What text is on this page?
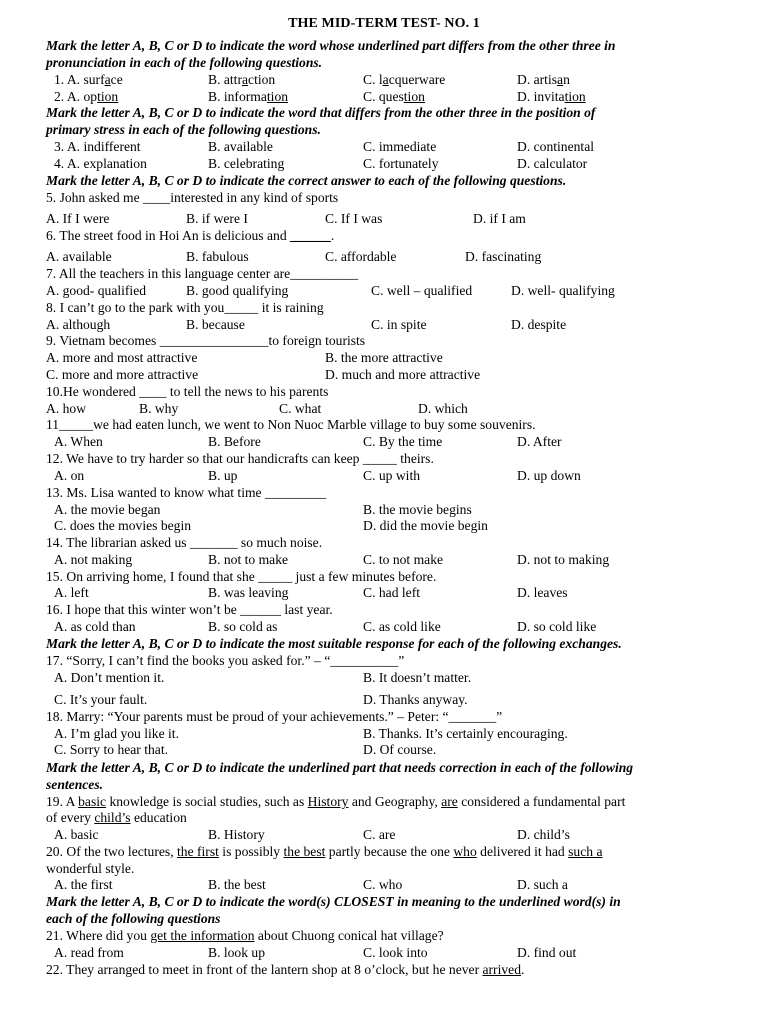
THE MID-TERM TEST- NO. 1
Mark the letter A, B, C or D to indicate the word whose underlined part differs from the other three in
pronunciation in each of the following questions.
1. A. surface	B. attraction	C. lacquerware	D. artisan
2. A. option	B. information	C. question	D. invitation
Mark the letter A, B, C or D to indicate the word that differs from the other three in the position of
primary stress in each of the following questions.
3. A. indifferent	B. available	C. immediate	D. continental
4. A. explanation	B. celebrating	C. fortunately	D. calculator
Mark the letter A, B, C or D to indicate the correct answer to each of the following questions.
5. John asked me ____interested in any kind of sports
A. If I were	B. if were I	C. If I was	D. if I am
6. The street food in Hoi An is delicious and ______.
A. available	B. fabulous	C. affordable	D. fascinating
7. All the teachers in this language center are__________
A. good- qualified	B. good qualifying	C. well – qualified	D. well- qualifying
8. I can’t go to the park with you_____ it is raining
A. although	B. because	C. in spite	D. despite
9. Vietnam becomes ________________to foreign tourists
A. more and most attractive	B. the more attractive
C. more and more attractive	D. much and more attractive
10.He wondered ____ to tell the news to his parents
A. how	B. why	C. what	D. which
11_____we had eaten lunch, we went to Non Nuoc Marble village to buy some souvenirs.
A. When	B. Before	C. By the time	D. After
12. We have to try harder so that our handicrafts can keep _____ theirs.
A. on	B. up	C. up with	D. up down
13. Ms. Lisa wanted to know what time _________
A. the movie began	B. the movie begins
C. does the movies begin	D. did the movie begin
14. The librarian asked us _______ so much noise.
A. not making	B. not to make	C. to not make	D. not to making
15. On arriving home, I found that she _____ just a few minutes before.
A. left	B. was leaving	C. had left	D. leaves
16. I hope that this winter won’t be ______ last year.
A. as cold than	B. so cold as	C. as cold like	D. so cold like
Mark the letter A, B, C or D to indicate the most suitable response for each of the following exchanges.
17. “Sorry, I can’t find the books you asked for.” – “__________”
A. Don’t mention it.	B. It doesn’t matter.
C. It’s your fault.	D. Thanks anyway.
18. Marry: “Your parents must be proud of your achievements.” – Peter: “_______”
A. I’m glad you like it.	B. Thanks. It’s certainly encouraging.
C. Sorry to hear that.	D. Of course.
Mark the letter A, B, C or D to indicate the underlined part that needs correction in each of the following
sentences.
19. A basic knowledge is social studies, such as History and Geography, are considered a fundamental part
of every child’s education
A. basic	B. History	C. are	D. child’s
20. Of the two lectures, the first is possibly the best partly because the one who delivered it had such a
wonderful style.
A. the first	B. the best	C. who	D. such a
Mark the letter A, B, C or D to indicate the word(s) CLOSEST in meaning to the underlined word(s) in
each of the following questions
21. Where did you get the information about Chuong conical hat village?
A. read from	B. look up	C. look into	D. find out
22. They arranged to meet in front of the lantern shop at 8 o’clock, but he never arrived.
